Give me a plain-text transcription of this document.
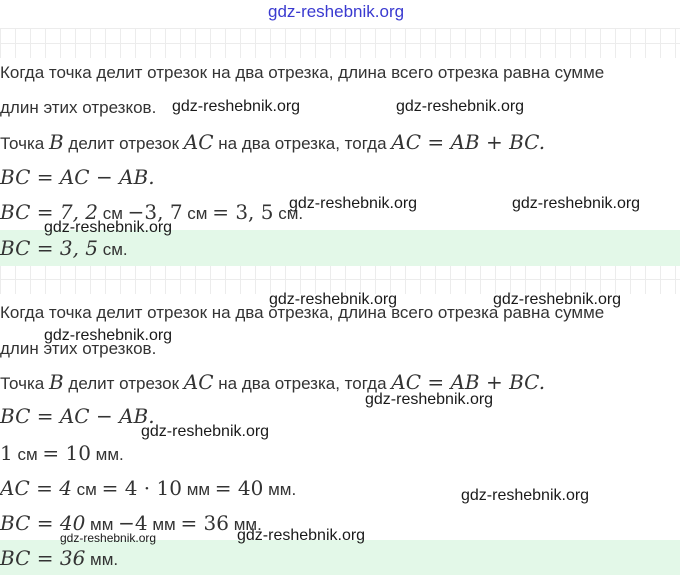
Когда точка делит отрезок на два отрезка, длина всего отрезка равна сумме
длин этих отрезков.
Точка B делит отрезок AC на два отрезка, тогда AC = AB + BC.
BC = AC − AB.
BC = 7, 2 см −3, 7 см = 3, 5 см.
BC = 3, 5 см.
Когда точка делит отрезок на два отрезка, длина всего отрезка равна сумме
длин этих отрезков.
Точка B делит отрезок AC на два отрезка, тогда AC = AB + BC.
BC = AC − AB.
1 см = 10 мм.
AC = 4 см = 4 · 10 мм = 40 мм.
BC = 40 мм −4 мм = 36 мм.
BC = 36 мм.
gdz-reshebnik.org
gdz-reshebnik.org	gdz-reshebnik.org
gdz-reshebnik.org	gdz-reshebnik.org
gdz-reshebnik.org
gdz-reshebnik.org	gdz-reshebnik.org
gdz-reshebnik.org
gdz-reshebnik.org
gdz-reshebnik.org
gdz-reshebnik.org
gdz-reshebnik.org	gdz-reshebnik.org
